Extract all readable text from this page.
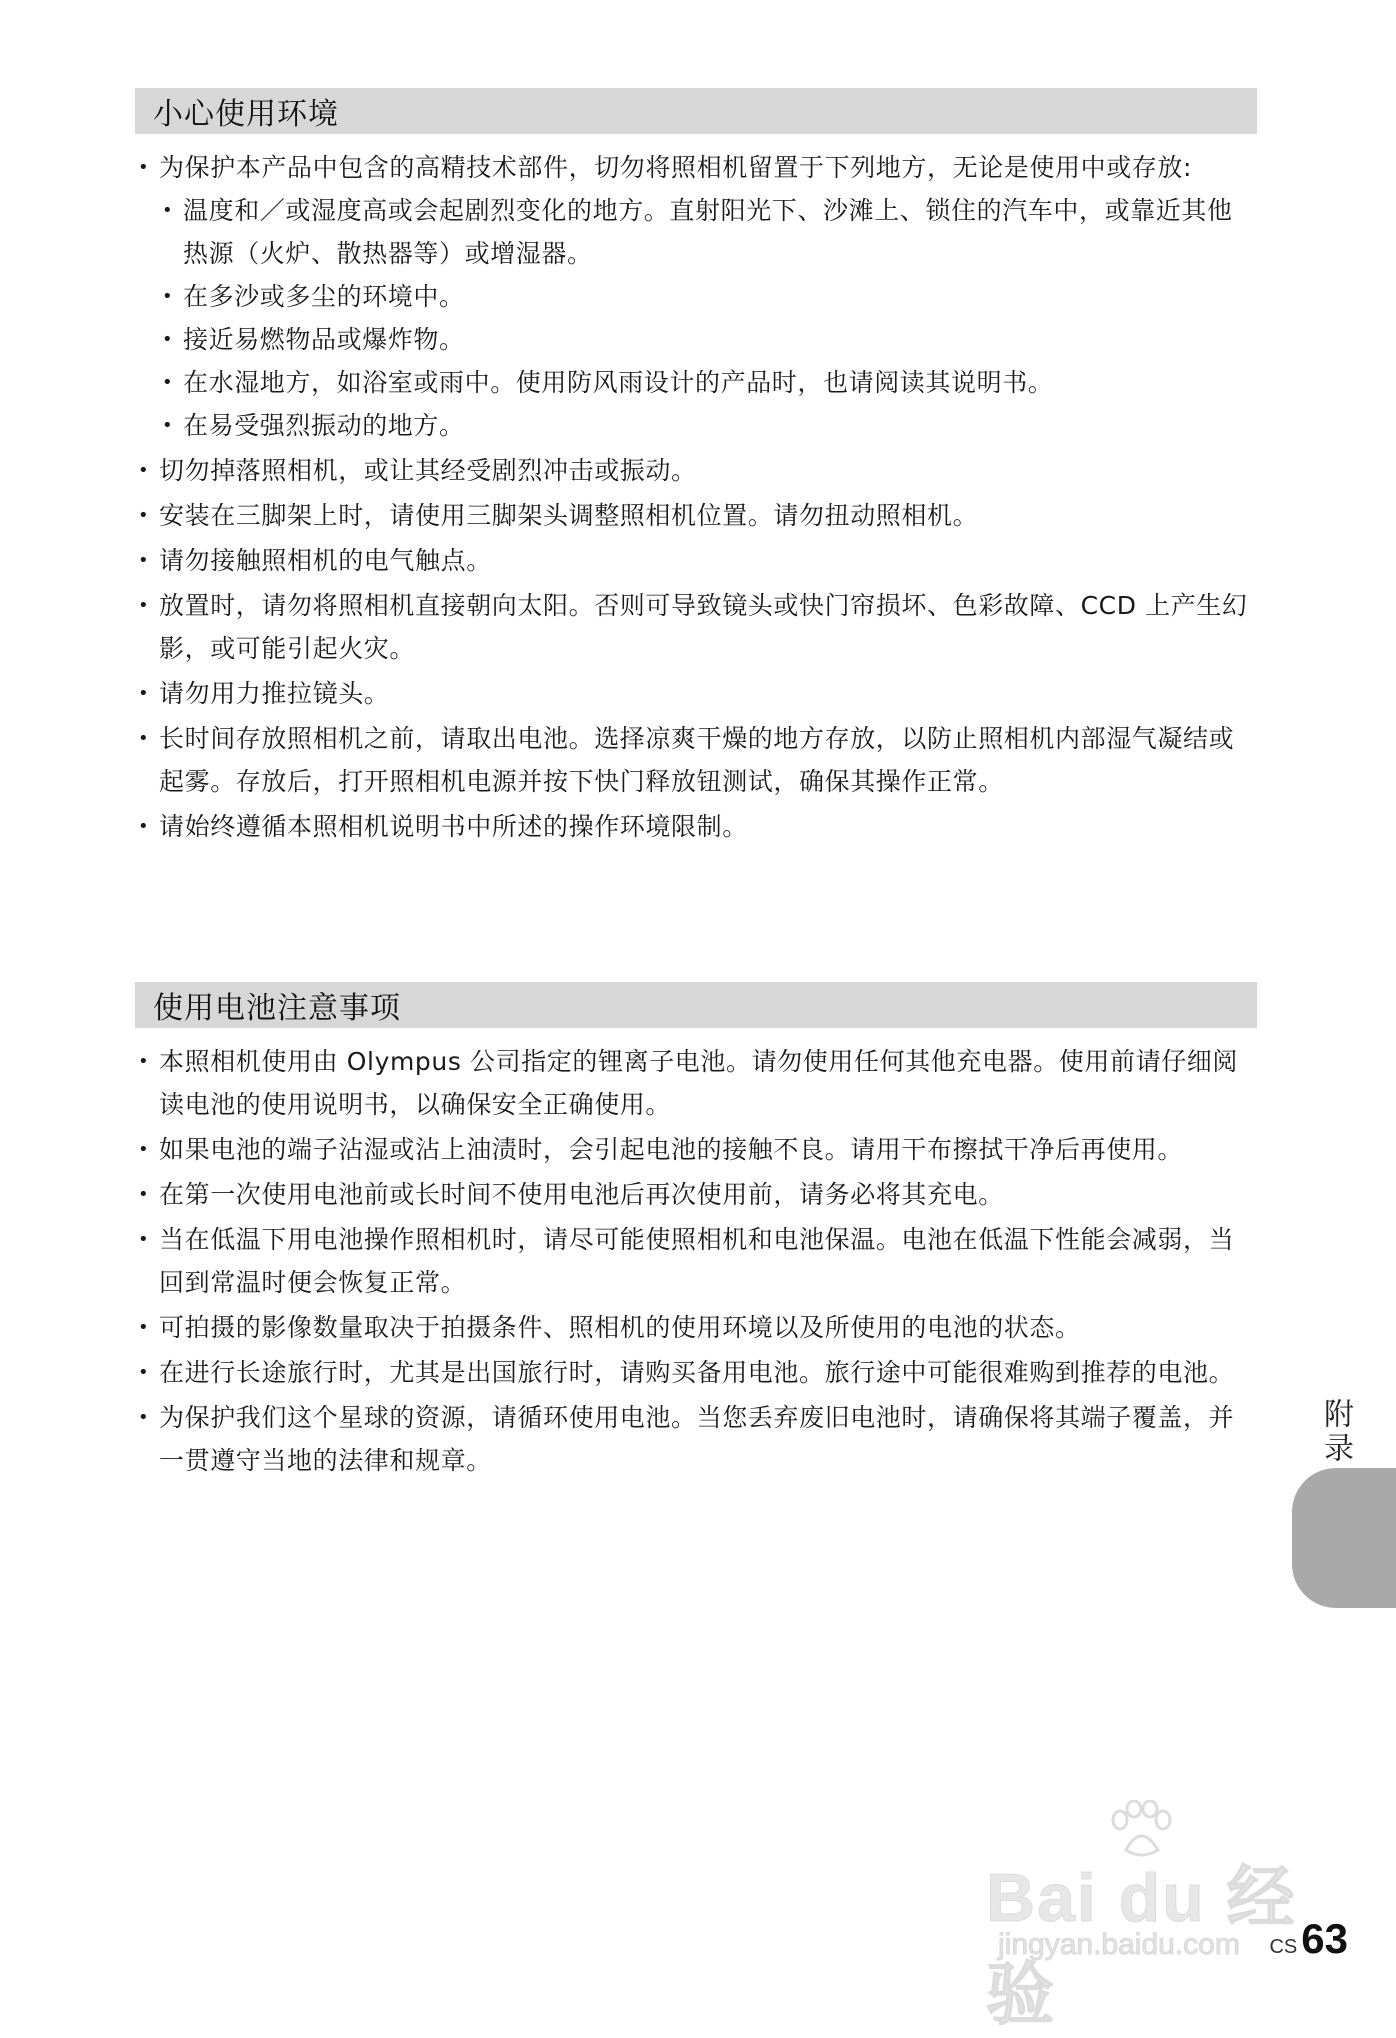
小心使用环境
• 为保护本产品中包含的高精技术部件，切勿将照相机留置于下列地方，无论是使用中或存放:
• 温度和／或湿度高或会起剧烈变化的地方。直射阳光下、沙滩上、锁住的汽车中，或靠近其他热源（火炉、散热器等）或增湿器。
• 在多沙或多尘的环境中。
• 接近易燃物品或爆炸物。
• 在水湿地方，如浴室或雨中。使用防风雨设计的产品时，也请阅读其说明书。
• 在易受强烈振动的地方。
• 切勿掉落照相机，或让其经受剧烈冲击或振动。
• 安装在三脚架上时，请使用三脚架头调整照相机位置。请勿扭动照相机。
• 请勿接触照相机的电气触点。
• 放置时，请勿将照相机直接朝向太阳。否则可导致镜头或快门帘损坏、色彩故障、CCD 上产生幻影，或可能引起火灾。
• 请勿用力推拉镜头。
• 长时间存放照相机之前，请取出电池。选择凉爽干燥的地方存放，以防止照相机内部湿气凝结或起雾。存放后，打开照相机电源并按下快门释放钮测试，确保其操作正常。
• 请始终遵循本照相机说明书中所述的操作环境限制。
使用电池注意事项
• 本照相机使用由 Olympus 公司指定的锂离子电池。请勿使用任何其他充电器。使用前请仔细阅读电池的使用说明书，以确保安全正确使用。
• 如果电池的端子沾湿或沾上油渍时，会引起电池的接触不良。请用干布擦拭干净后再使用。
• 在第一次使用电池前或长时间不使用电池后再次使用前，请务必将其充电。
• 当在低温下用电池操作照相机时，请尽可能使照相机和电池保温。电池在低温下性能会减弱，当回到常温时便会恢复正常。
• 可拍摄的影像数量取决于拍摄条件、照相机的使用环境以及所使用的电池的状态。
• 在进行长途旅行时，尤其是出国旅行时，请购买备用电池。旅行途中可能很难购到推荐的电池。
• 为保护我们这个星球的资源，请循环使用电池。当您丢弃废旧电池时，请确保将其端子覆盖，并一贯遵守当地的法律和规章。	附录
Bai du 经验
jingyan.baidu.com CS 63
